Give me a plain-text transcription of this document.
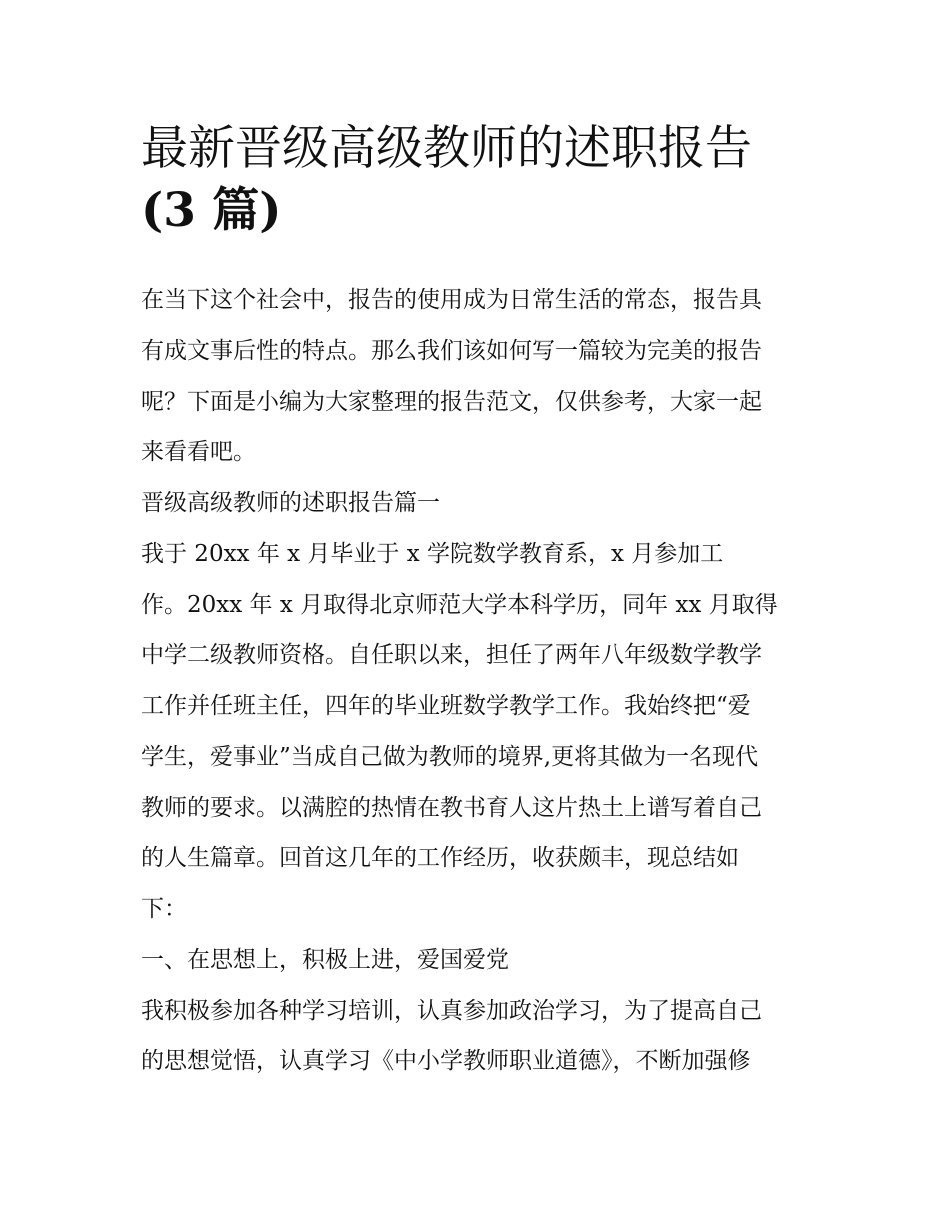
最新晋级高级教师的述职报告
(3 篇)

在当下这个社会中，报告的使用成为日常生活的常态，报告具

有成文事后性的特点。那么我们该如何写一篇较为完美的报告

呢？下面是小编为大家整理的报告范文，仅供参考，大家一起

来看看吧。

晋级高级教师的述职报告篇一

我于 20xx 年 x 月毕业于 x 学院数学教育系，x 月参加工

作。20xx 年 x 月取得北京师范大学本科学历，同年 xx 月取得

中学二级教师资格。自任职以来，担任了两年八年级数学教学

工作并任班主任，四年的毕业班数学教学工作。我始终把“爱

学生，爱事业”当成自己做为教师的境界,更将其做为一名现代

教师的要求。以满腔的热情在教书育人这片热土上谱写着自己

的人生篇章。回首这几年的工作经历，收获颇丰，现总结如

下：

一、在思想上，积极上进，爱国爱党

我积极参加各种学习培训，认真参加政治学习，为了提高自己

的思想觉悟，认真学习《中小学教师职业道德》，不断加强修
